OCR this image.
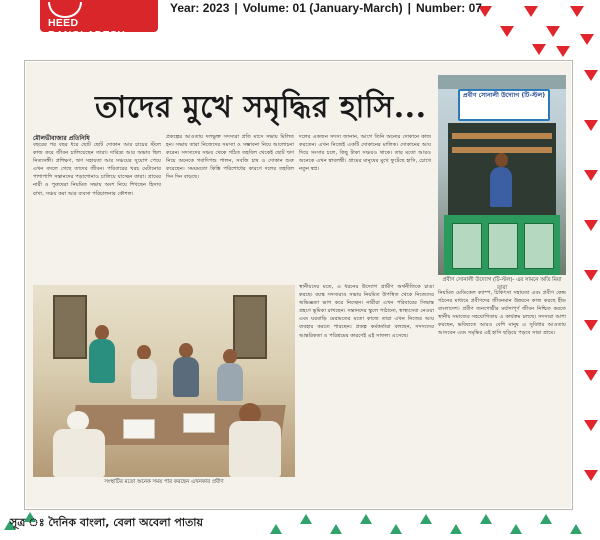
HEED BANGLADESH
Year: 2023 | Volume: 01 (January-March) | Number: 07
তাদের মুখে সমৃদ্ধির হাসি...
মৌলভীবাজার প্রতিনিধি
বছরের পর বছর ধরে ছোট ছোট দোকান আর চায়ের স্টলে কাজ করে জীবন চালিয়েছেন তারা। দারিদ্র্য আর অভাব ছিল নিত্যসঙ্গী। প্রশিক্ষণ, ঋণ সহায়তা আর সঞ্চয়ের সুযোগ পেয়ে এখন বদলে গেছে তাদের জীবন। পরিবারের খরচ মেটানোর পাশাপাশি সন্তানদের পড়াশোনাও চালিয়ে যাচ্ছেন তারা। গ্রামের নারী ও পুরুষেরা নিয়মিত সভায় অংশ নিয়ে শিখছেন হিসাব রাখা, সঞ্চয় করা আর ব্যবসা পরিচালনার কৌশল।
প্রকল্পের আওতায় দলভুক্ত সদস্যরা প্রতি মাসে সভায় মিলিত হন। সভায় তারা নিজেদের সমস্যা ও সম্ভাবনা নিয়ে আলোচনা করেন। সদস্যদের সঞ্চয় থেকে গঠিত তহবিল থেকেই ছোট ঋণ নিয়ে অনেকে গবাদিপশু পালন, সবজি চাষ ও দোকান শুরু করেছেন। সময়মতো কিস্তি পরিশোধের কারণে দলের তহবিল দিন দিন বাড়ছে।
দলের একজন সদস্য জানান, আগে তিনি অন্যের দোকানে কাজ করতেন। এখন নিজেই একটি দোকানের মালিক। দোকানের আয় দিয়ে সংসার চলে, কিছু টাকা সঞ্চয়ও থাকে। তার মতো আরও অনেকে এখন স্বাবলম্বী। গ্রামের মানুষের মুখে ফুটেছে হাসি, চোখে নতুন স্বপ্ন।
স্থানীয়দের মতে, এ ধরনের উদ্যোগ গ্রামীণ অর্থনীতিকে চাঙা করছে। বয়স্ক সদস্যরাও সভায় নিয়মিত উপস্থিত থেকে নিজেদের অভিজ্ঞতা ভাগ করে নিচ্ছেন। নারীরা এখন পরিবারের সিদ্ধান্ত গ্রহণে ভূমিকা রাখছেন। সন্তানদের স্কুলে পাঠানো, স্বাস্থ্যসেবা নেওয়া এবং ঘরবাড়ি মেরামতের মতো কাজে তারা এখন নিজের আয় ব্যবহার করতে পারছেন। প্রকল্প কর্মকর্তারা বলছেন, সদস্যদের আন্তরিকতা ও পরিশ্রমের কারণেই এই সাফল্য এসেছে।
নিয়মিত মেডিকেল ক্যাম্প, চিকিৎসা সহায়তা এবং প্রবীণ কেন্দ্র গঠনের মাধ্যমে প্রবীণদের জীবনমান উন্নয়নে কাজ করছে হীড বাংলাদেশ। প্রবীণ জনগোষ্ঠীর মর্যাদাপূর্ণ জীবন নিশ্চিত করতে স্থানীয় সমাজের সহযোগিতায় এ কার্যক্রম চলছে। সদস্যরা আশা করছেন, ভবিষ্যতে আরও বেশি মানুষ এ সুবিধার আওতায় আসবেন এবং সমৃদ্ধির এই হাসি ছড়িয়ে পড়বে সারা গ্রামে।
প্রবীণ সোনালী উদ্যোগ (টি-স্টল)
প্রবীণ সোনালী উদ্যোগ (টি-স্টল)- এর সামনে অতি মিয়া তারা
সংস্থাটির মতো অনেক সময় পার করছেন এখনকার প্রবীণ
সূত্র ঃ দৈনিক বাংলা, বেলা অবেলা পাতায়
